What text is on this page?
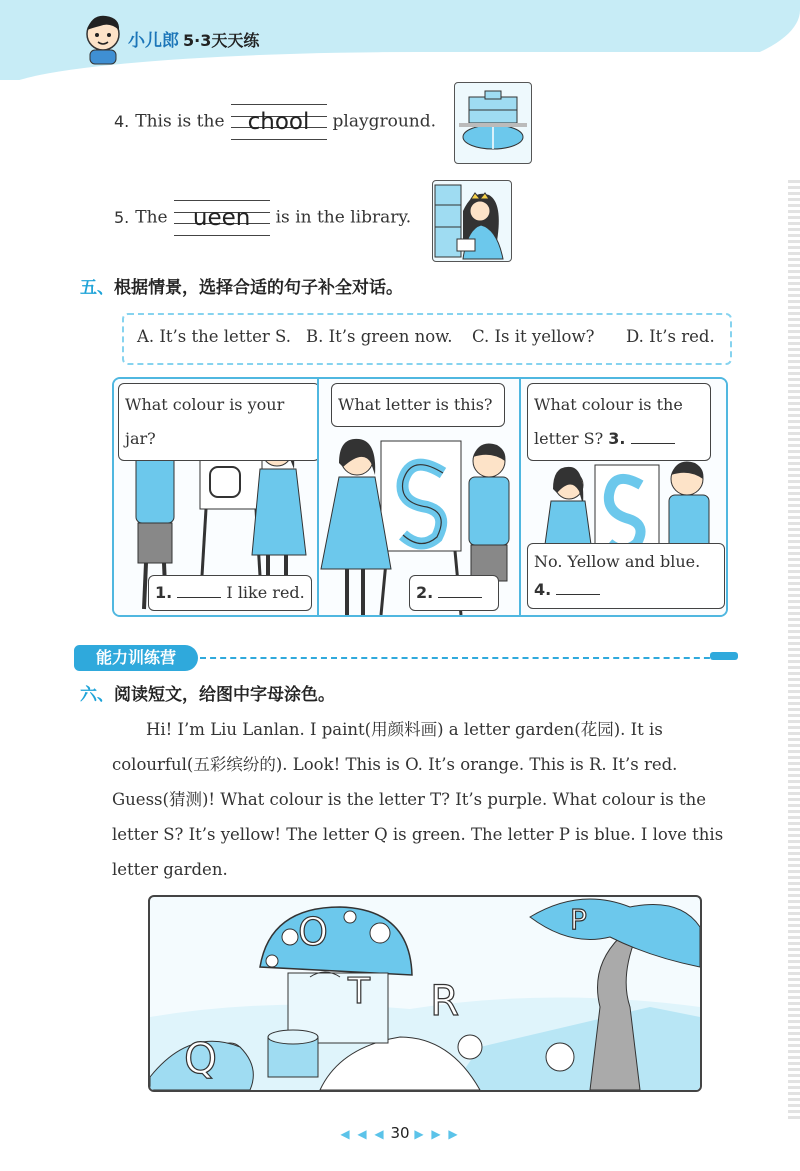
小儿郎 5·3天天练
4. This is the	chool	playground.
5. The	ueen	is in the library.
五、根据情景，选择合适的句子补全对话。
A. It’s the letter S. B. It’s green now. C. Is it yellow? D. It’s red.
What colour is your jar?
1.	I like red.
What letter is this?
2.
What colour is the
letter S? 3.
No. Yellow and blue.
4.
能力训练营
六、阅读短文，给图中字母涂色。
Hi! I’m Liu Lanlan. I paint(用颜料画) a letter garden(花园). It is colourful(五彩缤纷的). Look! This is O. It’s orange. This is R. It’s red. Guess(猜测)! What colour is the letter T? It’s purple. What colour is the letter S? It’s yellow! The letter Q is green. The letter P is blue. I love this letter garden.
O
T R
Q
P
◀ ◀ ◀ 30 ▶ ▶ ▶
